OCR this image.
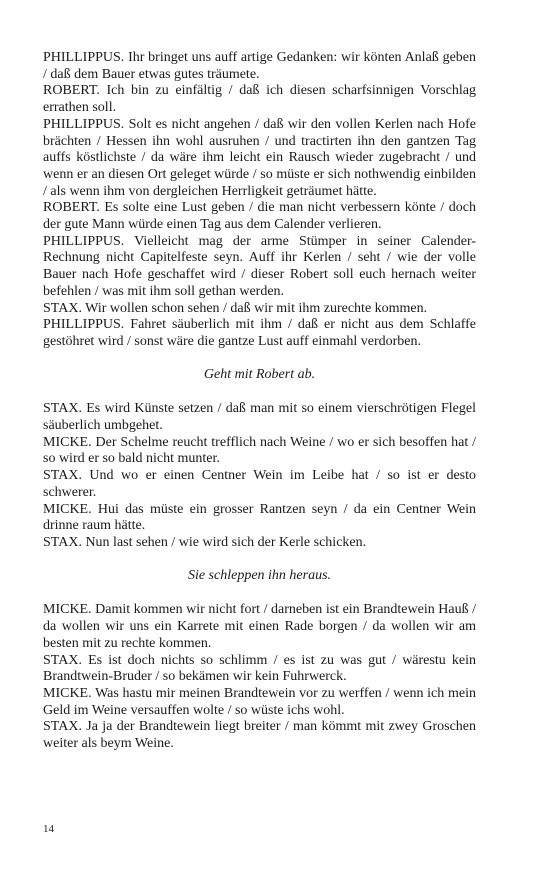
PHILLIPPUS. Ihr bringet uns auff artige Gedanken: wir könten Anlaß geben / daß dem Bauer etwas gutes träumete.

ROBERT. Ich bin zu einfältig / daß ich diesen scharfsinnigen Vorschlag errathen soll.

PHILLIPPUS. Solt es nicht angehen / daß wir den vollen Kerlen nach Hofe brächten / Hessen ihn wohl ausruhen / und tractirten ihn den gantzen Tag auffs köstlichste / da wäre ihm leicht ein Rausch wieder zugebracht / und wenn er an diesen Ort geleget würde / so müste er sich nothwendig einbilden / als wenn ihm von dergleichen Herrligkeit geträumet hätte.

ROBERT. Es solte eine Lust geben / die man nicht verbessern könte / doch der gute Mann würde einen Tag aus dem Calender verlieren.

PHILLIPPUS. Vielleicht mag der arme Stümper in seiner Calender-Rechnung nicht Capitelfeste seyn. Auff ihr Kerlen / seht / wie der volle Bauer nach Hofe geschaffet wird / dieser Robert soll euch hernach weiter befehlen / was mit ihm soll gethan werden.

STAX. Wir wollen schon sehen / daß wir mit ihm zurechte kommen.

PHILLIPPUS. Fahret säuberlich mit ihm / daß er nicht aus dem Schlaffe gestöhret wird / sonst wäre die gantze Lust auff einmahl verdorben.

Geht mit Robert ab.

STAX. Es wird Künste setzen / daß man mit so einem vierschrötigen Flegel säuberlich umbgehet.

MICKE. Der Schelme reucht trefflich nach Weine / wo er sich besoffen hat / so wird er so bald nicht munter.

STAX. Und wo er einen Centner Wein im Leibe hat / so ist er desto schwerer.

MICKE. Hui das müste ein grosser Rantzen seyn / da ein Centner Wein drinne raum hätte.

STAX. Nun last sehen / wie wird sich der Kerle schicken.

Sie schleppen ihn heraus.

MICKE. Damit kommen wir nicht fort / darneben ist ein Brandtewein Hauß / da wollen wir uns ein Karrete mit einen Rade borgen / da wollen wir am besten mit zu rechte kommen.

STAX. Es ist doch nichts so schlimm / es ist zu was gut / wärestu kein Brandtwein-Bruder / so bekämen wir kein Fuhrwerck.

MICKE. Was hastu mir meinen Brandtewein vor zu werffen / wenn ich mein Geld im Weine versauffen wolte / so wüste ichs wohl.

STAX. Ja ja der Brandtewein liegt breiter / man kömmt mit zwey Groschen weiter als beym Weine.

14
